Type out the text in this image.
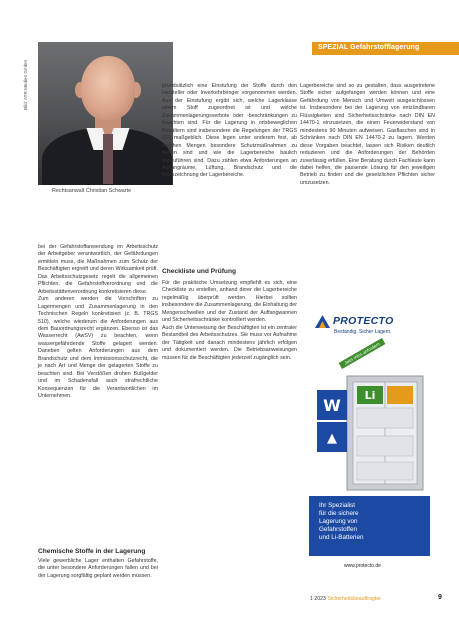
SPEZIAL Gefahrstofflagerung
Bild: ATR Medien GmbH
Rechtsanwalt Christian Schwarte

bei der Gefahrstoffanwendung im Arbeitsschutz der Arbeitgeber verantwortlich, der Gefährdungen ermitteln muss, die Maßnahmen zum Schutz der Beschäftigten ergreift und deren Wirksamkeit prüft. Das Arbeitsschutzgesetz regelt die allgemeinen Pflichten, die Gefahrstoffverordnung und die Arbeitsstättenverordnung konkretisieren diese.

Zum anderen werden die Vorschriften zu Lagermengen und Zusammenlagerung in den Technischen Regeln konkretisiert (z. B. TRGS 510), welche wiederum die Anforderungen aus dem Bauordnungsrecht ergänzen. Ebenso ist das Wasserrecht (AwSV) zu beachten, wenn wassergefährdende Stoffe gelagert werden. Daneben gelten Anforderungen aus dem Brandschutz und dem Immissionsschutzrecht, die je nach Art und Menge der gelagerten Stoffe zu beachten sind. Bei Verstößen drohen Bußgelder und im Schadensfall auch strafrechtliche Konsequenzen für die Verantwortlichen im Unternehmen.

Chemische Stoffe in der Lagerung

Viele gewerbliche Lager enthalten Gefahrstoffe, die unter besondere Anforderungen fallen und bei der Lagerung sorgfältig geplant werden müssen.

grundsätzlich eine Einstufung der Stoffe durch den Hersteller oder Inverkehrbringer vorgenommen werden. Aus der Einstufung ergibt sich, welche Lagerklasse einem Stoff zugeordnet ist und welche Zusammenlagerungsverbote oder -beschränkungen zu beachten sind. Für die Lagerung in ortsbeweglichen Behältern sind insbesondere die Regelungen der TRGS 510 maßgeblich. Diese legen unter anderem fest, ab welchen Mengen besondere Schutzmaßnahmen zu treffen sind und wie die Lagerbereiche baulich auszuführen sind. Dazu zählen etwa Anforderungen an Auffangräume, Lüftung, Brandschutz und die Kennzeichnung der Lagerbereiche.

Checkliste und Prüfung

Für die praktische Umsetzung empfiehlt es sich, eine Checkliste zu erstellen, anhand derer die Lagerbereiche regelmäßig überprüft werden. Hierbei sollten insbesondere die Zusammenlagerung, die Einhaltung der Mengenschwellen und der Zustand der Auffangwannen und Sicherheitsschränke kontrolliert werden.

Auch die Unterweisung der Beschäftigten ist ein zentraler Bestandteil des Arbeitsschutzes. Sie muss vor Aufnahme der Tätigkeit und danach mindestens jährlich erfolgen und dokumentiert werden. Die Betriebsanweisungen müssen für die Beschäftigten jederzeit zugänglich sein.

Lagerbereiche sind so zu gestalten, dass ausgetretene Stoffe sicher aufgefangen werden können und eine Gefährdung von Mensch und Umwelt ausgeschlossen ist. Insbesondere bei der Lagerung von entzündbaren Flüssigkeiten sind Sicherheitsschränke nach DIN EN 14470-1 einzusetzen, die einen Feuerwiderstand von mindestens 90 Minuten aufweisen. Gasflaschen sind in Schränken nach DIN EN 14470-2 zu lagern. Werden diese Vorgaben beachtet, lassen sich Risiken deutlich reduzieren und die Anforderungen der Behörden zuverlässig erfüllen. Eine Beratung durch Fachleute kann dabei helfen, die passende Lösung für den jeweiligen Betrieb zu finden und die gesetzlichen Pflichten sicher umzusetzen.

PROTECTO
Bestandig. Sicher Lagern.
Jetzt Infos anfordern
W
▲
Li
Ihr Spezialist
für die sichere
Lagerung von
Gefahrstoffen
und Li-Batterien
www.protecto.de
1 2023 Sicherheitsbeauftragter	9
